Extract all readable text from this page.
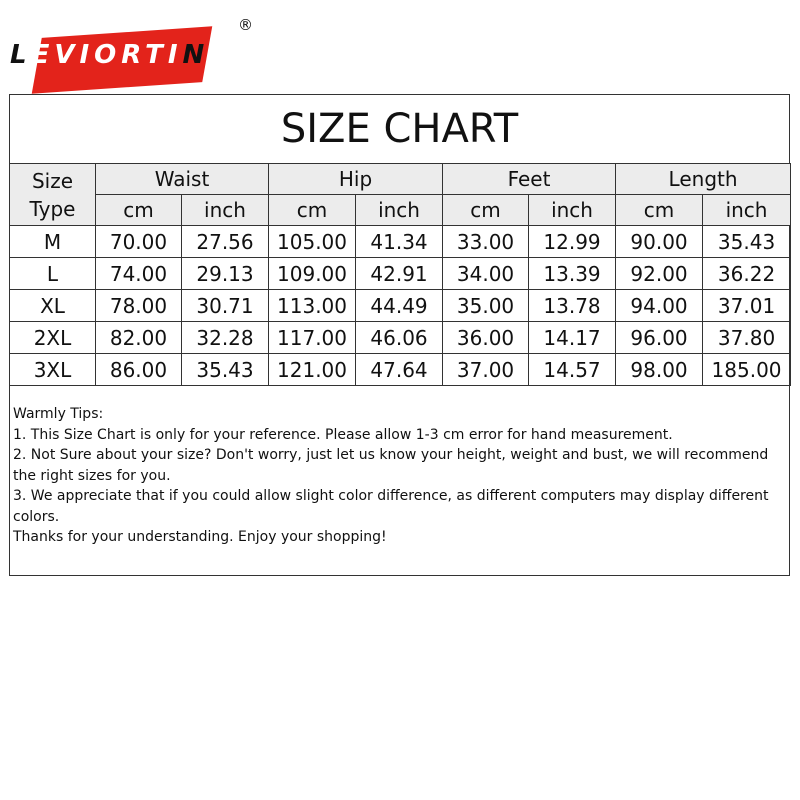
LEVIORTIN
®
SIZE CHART
Size
Type	Waist		Hip		Feet		Length	
	cm	inch	cm	inch	cm	inch	cm	inch
M	70.00	27.56	105.00	41.34	33.00	12.99	90.00	35.43
L	74.00	29.13	109.00	42.91	34.00	13.39	92.00	36.22
XL	78.00	30.71	113.00	44.49	35.00	13.78	94.00	37.01
2XL	82.00	32.28	117.00	46.06	36.00	14.17	96.00	37.80
3XL	86.00	35.43	121.00	47.64	37.00	14.57	98.00	185.00
Warmly Tips:
1. This Size Chart is only for your reference. Please allow 1-3 cm error for hand measurement.
2. Not Sure about your size? Don't worry, just let us know your height, weight and bust, we will recommend the right sizes for you.
3. We appreciate that if you could allow slight color difference, as different computers may display different colors.
Thanks for your understanding. Enjoy your shopping!
